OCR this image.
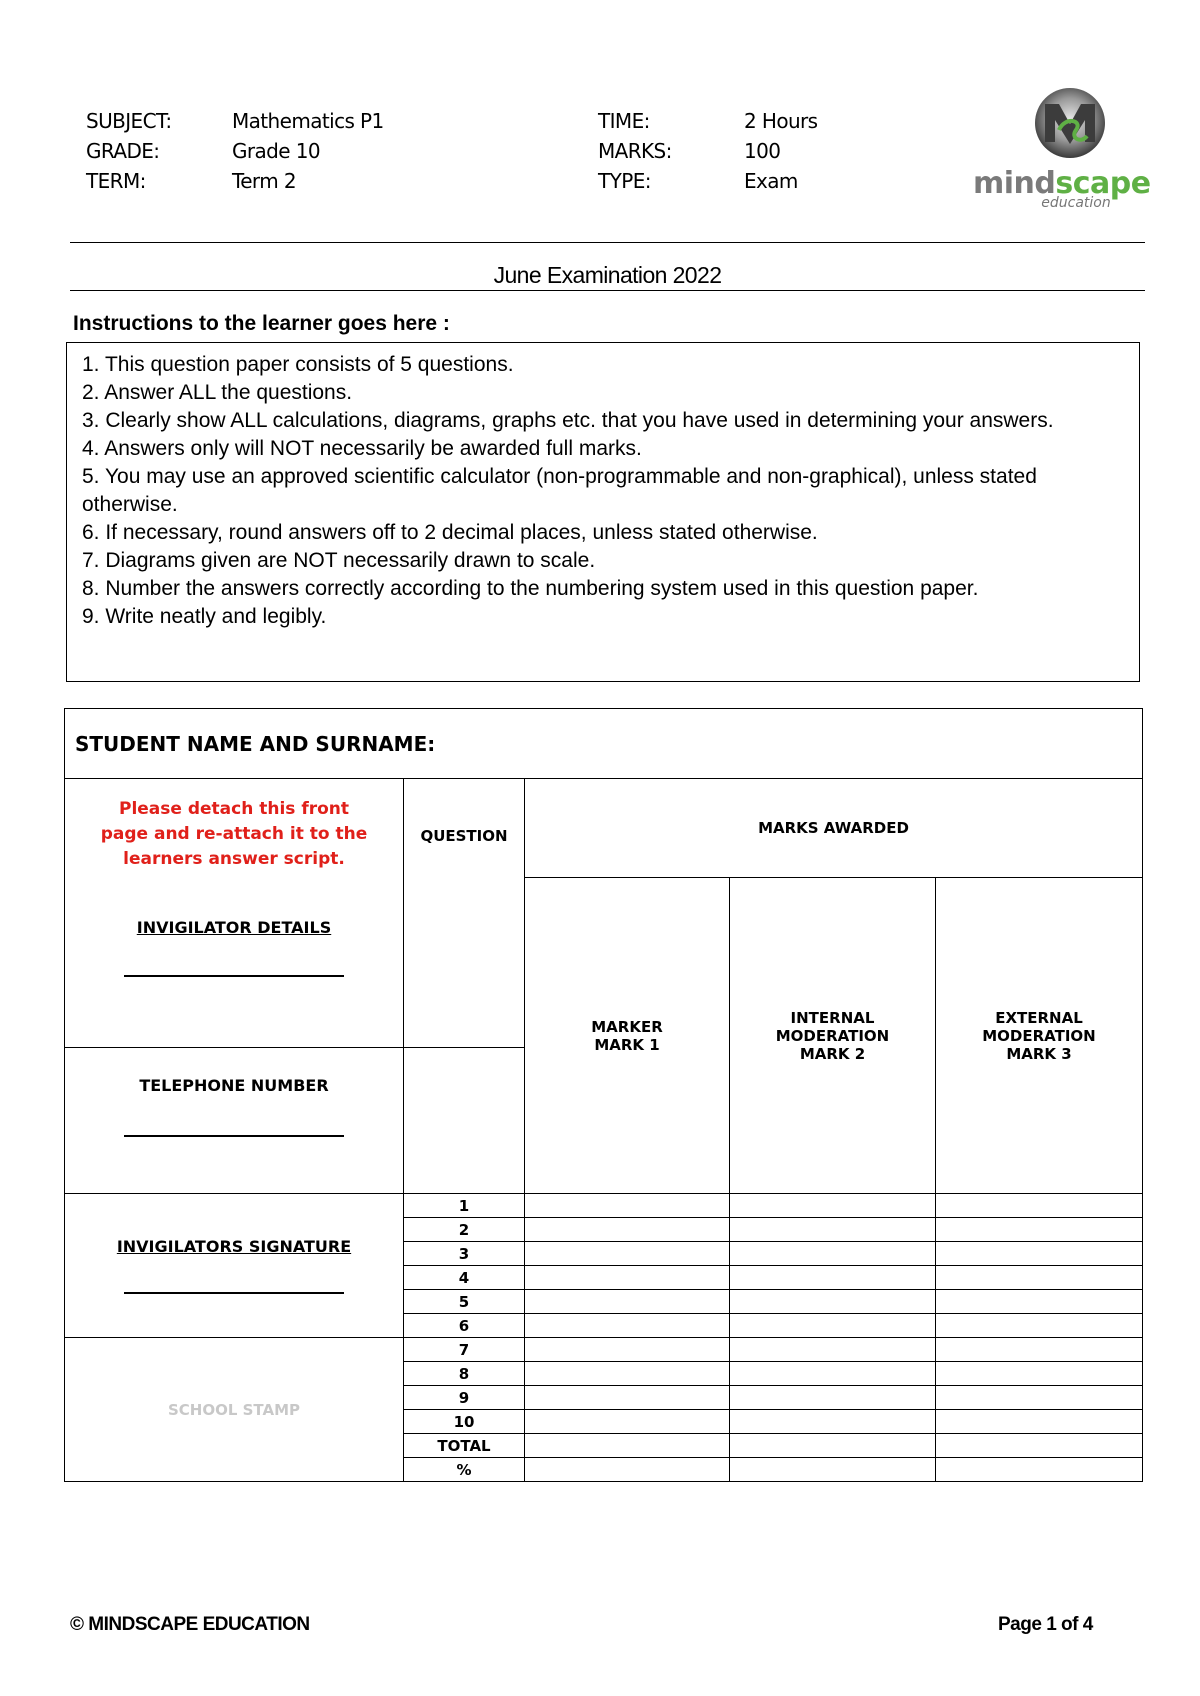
SUBJECT:	Mathematics P1	TIME:	2 Hours
GRADE:	Grade 10	MARKS:	100
TERM:	Term 2	TYPE:	Exam	mindscape
education
June Examination 2022
Instructions to the learner goes here :
1. This question paper consists of 5 questions.
2. Answer ALL the questions.
3. Clearly show ALL calculations, diagrams, graphs etc. that you have used in determining your answers.
4. Answers only will NOT necessarily be awarded full marks.
5. You may use an approved scientific calculator (non-programmable and non-graphical), unless stated otherwise.
6. If necessary, round answers off to 2 decimal places, unless stated otherwise.
7. Diagrams given are NOT necessarily drawn to scale.
8. Number the answers correctly according to the numbering system used in this question paper.
9. Write neatly and legibly.
STUDENT NAME AND SURNAME:				

Please detach this front page and re-attach it to the learners answer script.
INVIGILATOR DETAILS	QUESTION	MARKS AWARDED		

		MARKER MARK 1	INTERNAL MODERATION MARK 2	EXTERNAL MODERATION MARK 3

TELEPHONE NUMBER				

INVIGILATORS SIGNATURE	1			
	2			
	3			
	4			
	5			
	6			
SCHOOL STAMP	7			
	8			
	9			
	10			
	TOTAL			
	%			
© MINDSCAPE EDUCATION	Page 1 of 4
